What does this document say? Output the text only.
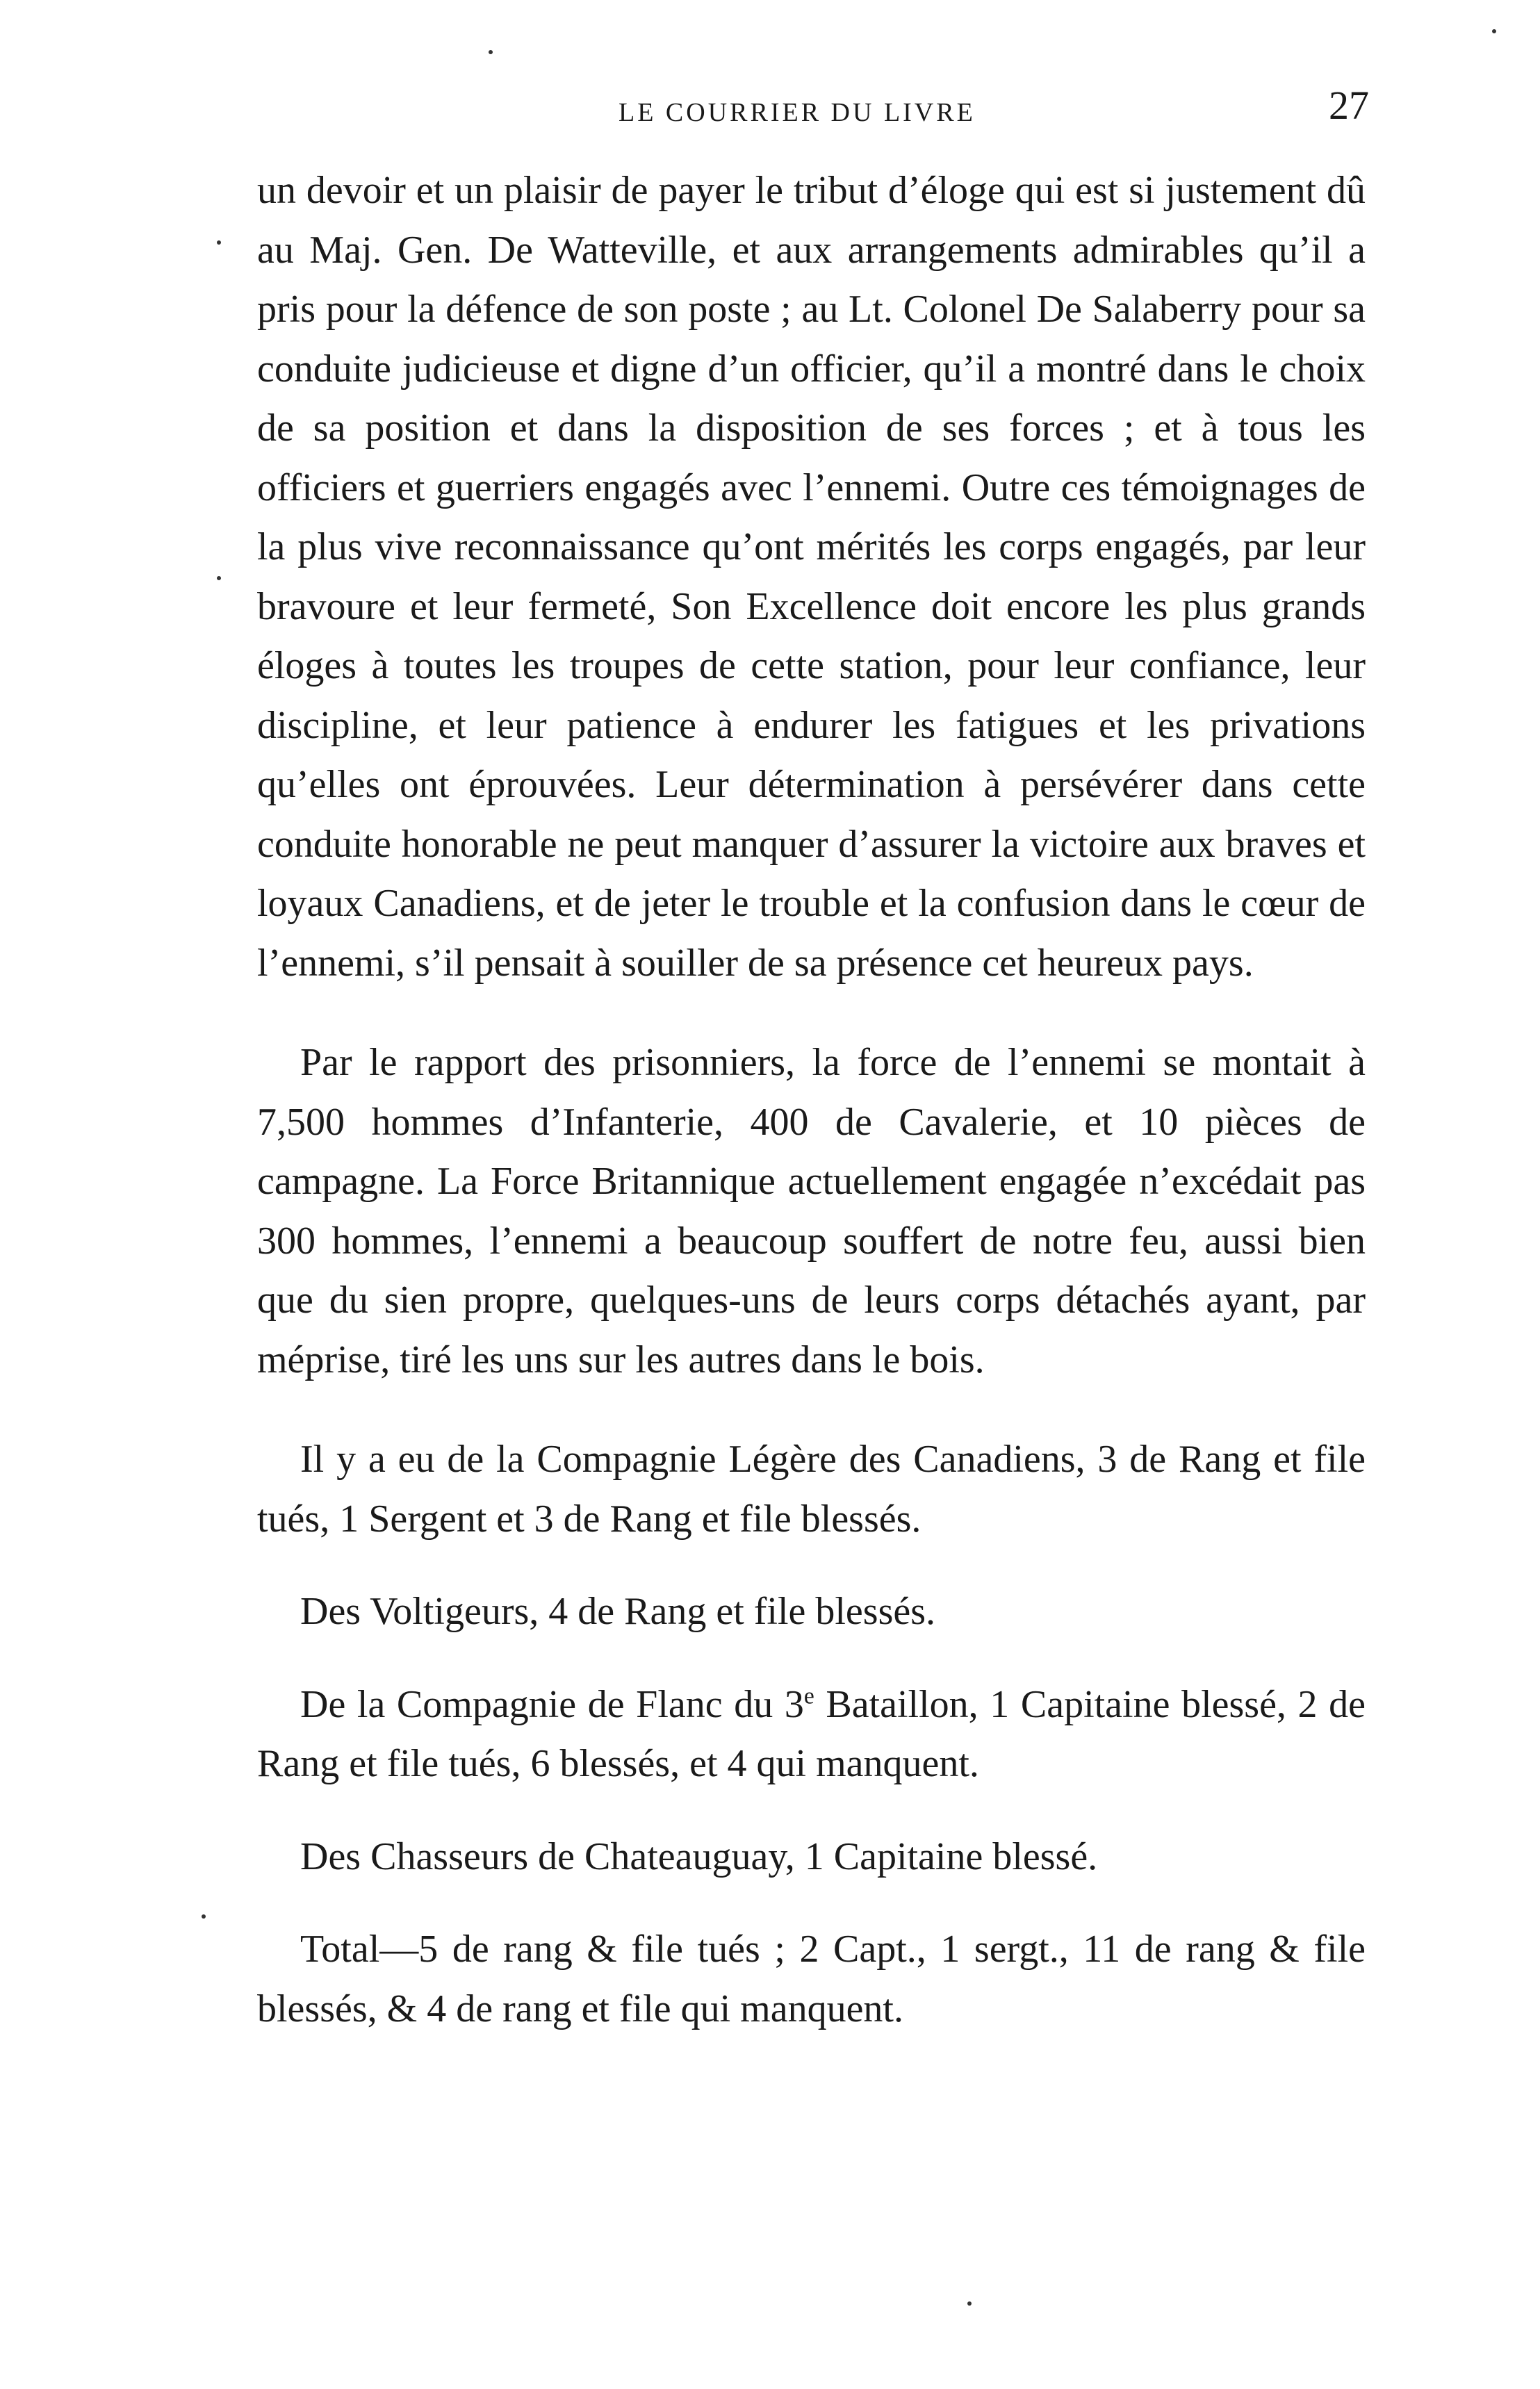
LE COURRIER DU LIVRE	27

un devoir et un plaisir de payer le tribut d’éloge qui est si justement dû au Maj. Gen. De Watteville, et aux arrangements admirables qu’il a pris pour la défence de son poste ; au Lt. Colonel De Salaberry pour sa conduite judicieuse et digne d’un officier, qu’il a montré dans le choix de sa position et dans la disposition de ses forces ; et à tous les officiers et guerriers engagés avec l’ennemi. Outre ces témoignages de la plus vive reconnaissance qu’ont mérités les corps engagés, par leur bravoure et leur fermeté, Son Excellence doit encore les plus grands éloges à toutes les troupes de cette station, pour leur confiance, leur discipline, et leur patience à endurer les fatigues et les privations qu’elles ont éprouvées. Leur détermination à persévérer dans cette conduite honorable ne peut manquer d’assurer la victoire aux braves et loyaux Canadiens, et de jeter le trouble et la confusion dans le cœur de l’ennemi, s’il pensait à souiller de sa présence cet heureux pays.

Par le rapport des prisonniers, la force de l’ennemi se montait à 7,500 hommes d’Infanterie, 400 de Cavalerie, et 10 pièces de campagne. La Force Britannique actuellement engagée n’excédait pas 300 hommes, l’ennemi a beaucoup souffert de notre feu, aussi bien que du sien propre, quelques-uns de leurs corps détachés ayant, par méprise, tiré les uns sur les autres dans le bois.

Il y a eu de la Compagnie Légère des Canadiens, 3 de Rang et file tués, 1 Sergent et 3 de Rang et file blessés.

Des Voltigeurs, 4 de Rang et file blessés.

De la Compagnie de Flanc du 3e Bataillon, 1 Capitaine blessé, 2 de Rang et file tués, 6 blessés, et 4 qui manquent.

Des Chasseurs de Chateauguay, 1 Capitaine blessé.

Total—5 de rang & file tués ; 2 Capt., 1 sergt., 11 de rang & file blessés, & 4 de rang et file qui manquent.
